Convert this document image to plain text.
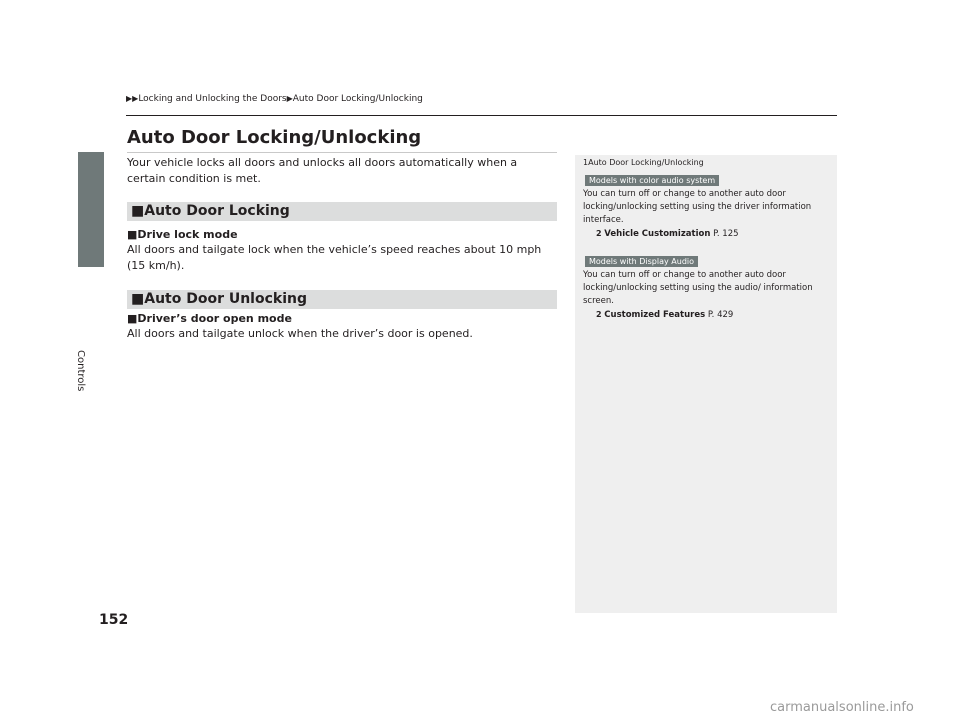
Controls
152
▶▶Locking and Unlocking the Doors▶Auto Door Locking/Unlocking
Auto Door Locking/Unlocking

Your vehicle locks all doors and unlocks all doors automatically when a certain condition is met.

■Auto Door Locking
■Drive lock mode

All doors and tailgate lock when the vehicle’s speed reaches about 10 mph (15 km/h).

■Auto Door Unlocking
■Driver’s door open mode

All doors and tailgate unlock when the driver’s door is opened.

1Auto Door Locking/Unlocking
Models with color audio system

You can turn off or change to another auto door locking/unlocking setting using the driver information interface.

2 Vehicle Customization P. 125
Models with Display Audio

You can turn off or change to another auto door locking/unlocking setting using the audio/ information screen.

2 Customized Features P. 429
carmanualsonline.info
